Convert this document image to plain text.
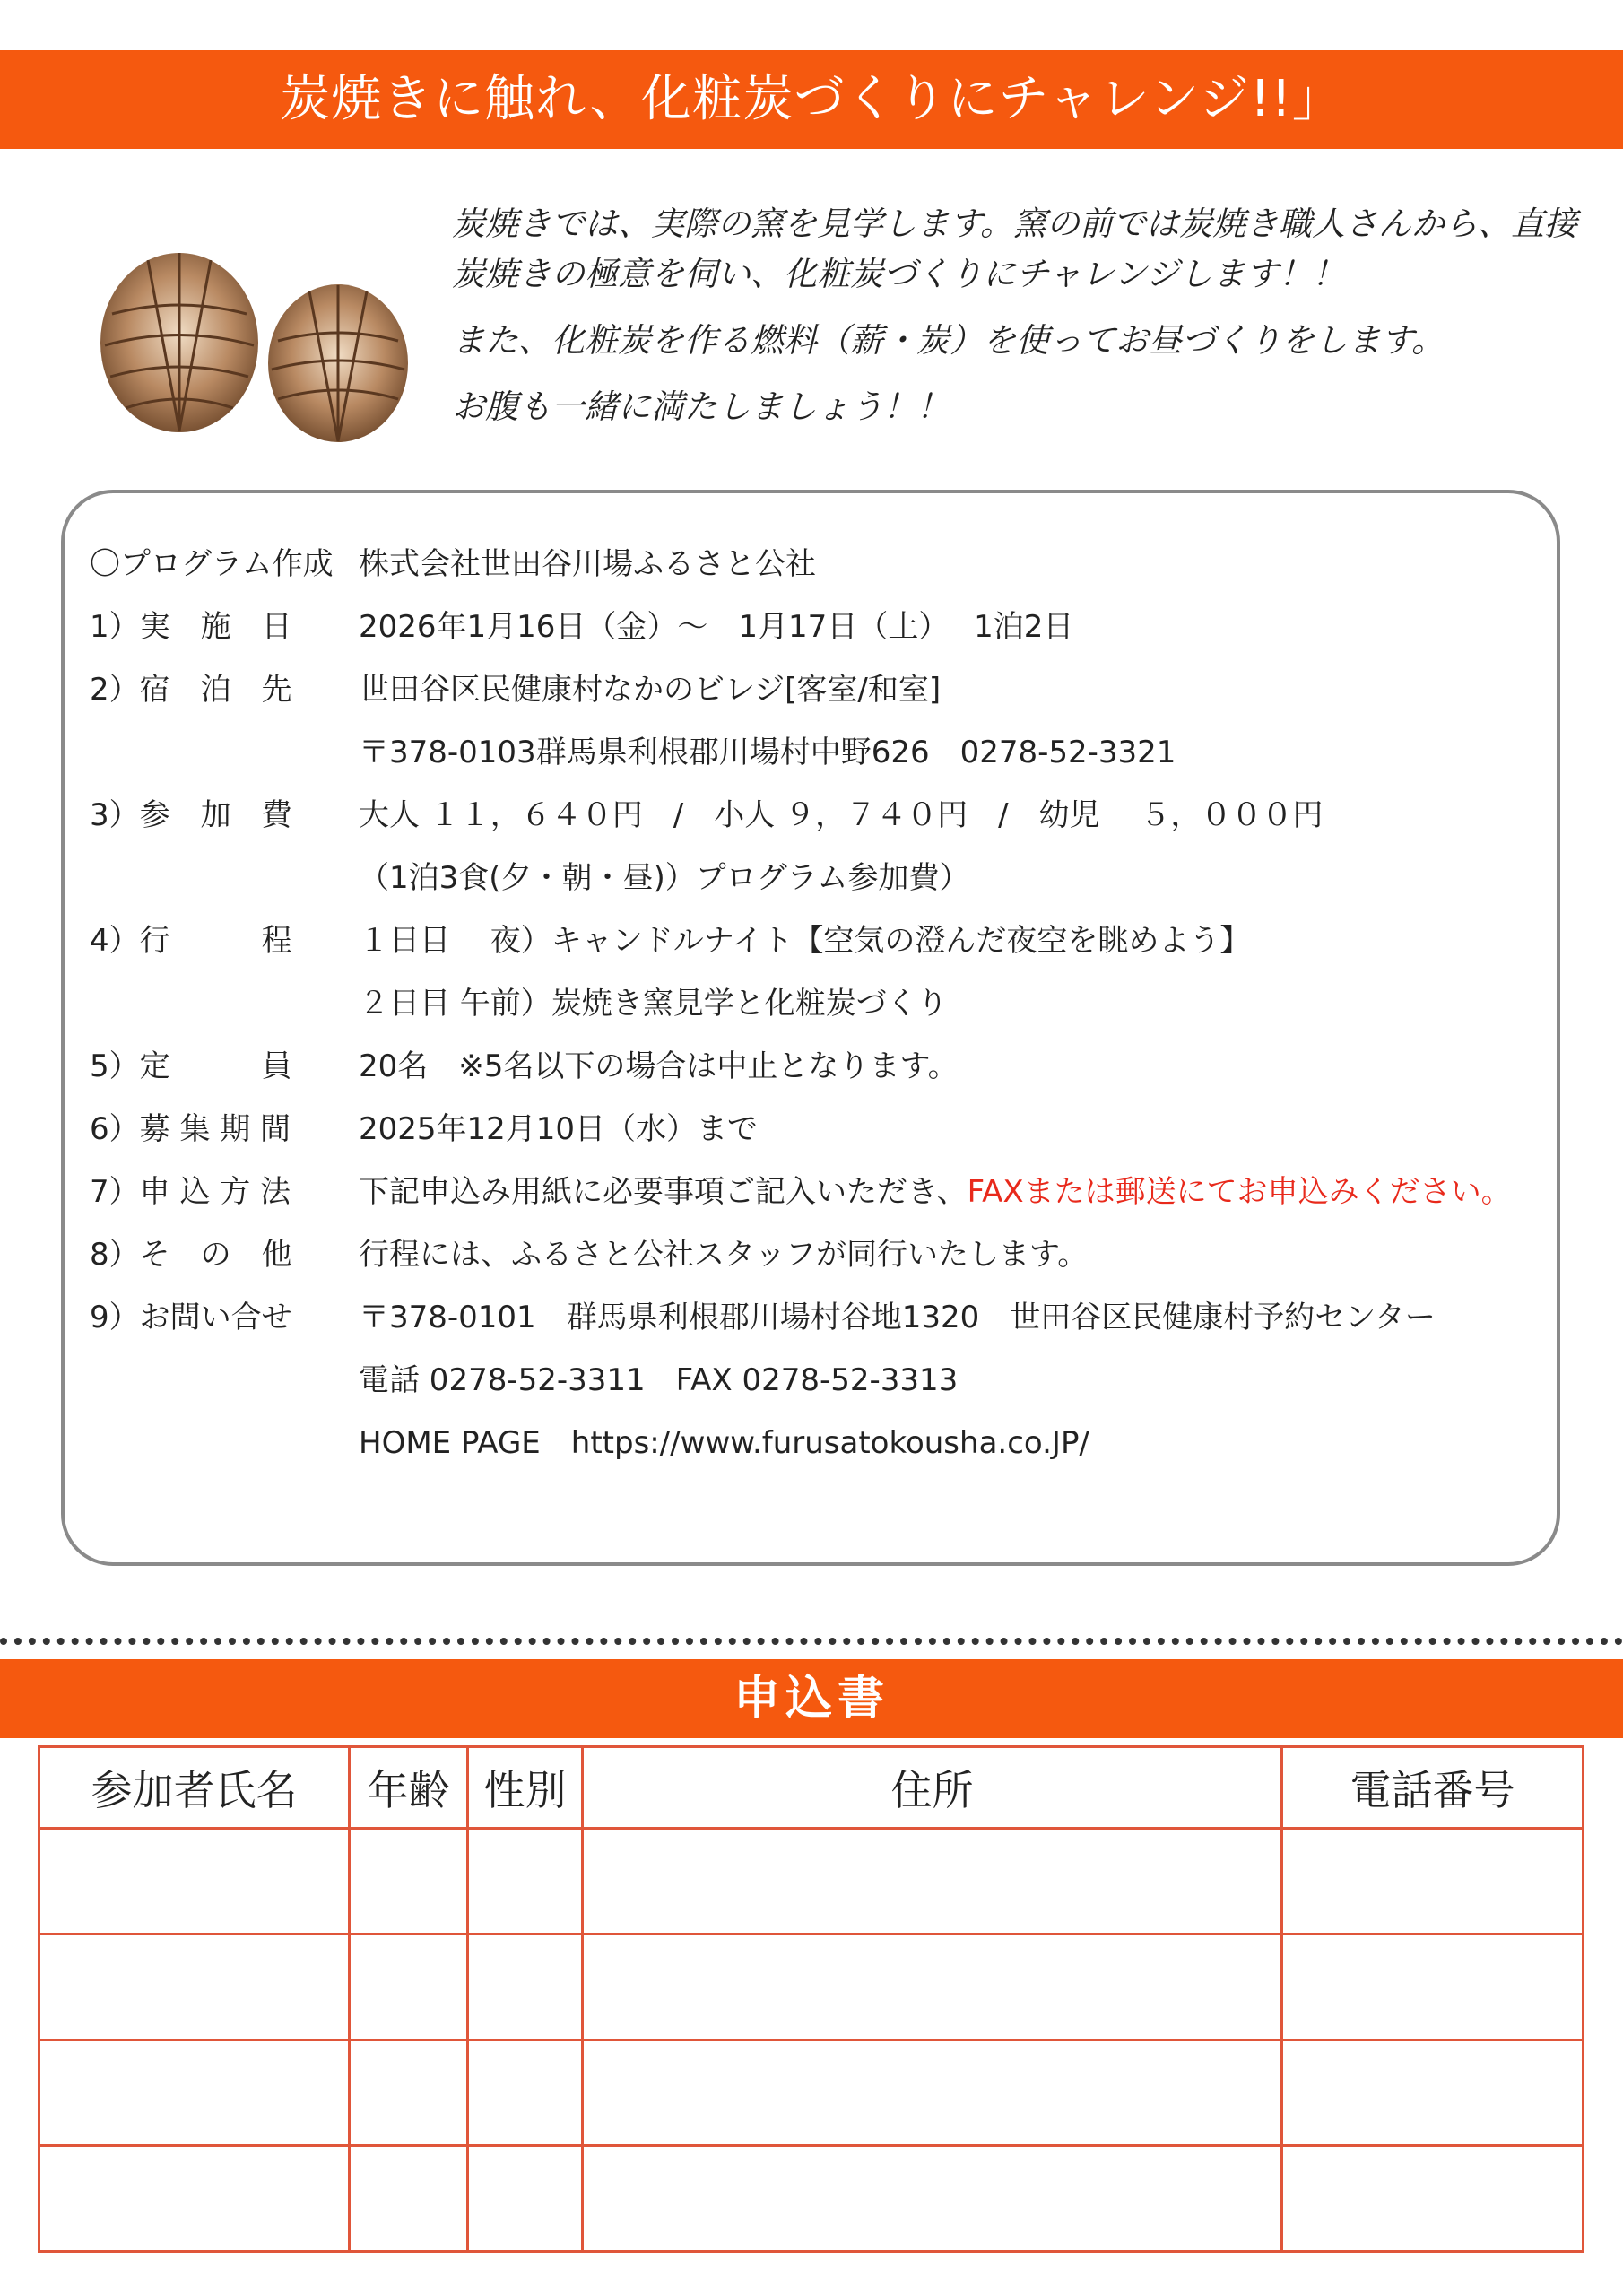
炭焼きに触れ、化粧炭づくりにチャレンジ!!」

炭焼きでは、実際の窯を見学します。窯の前では炭焼き職人さんから、直接

炭焼きの極意を伺い、化粧炭づくりにチャレンジします！！

また、化粧炭を作る燃料（薪・炭）を使ってお昼づくりをします。

お腹も一緒に満たしましょう！！

〇プログラム作成 株式会社世田谷川場ふるさと公社
1）実　施　日 2026年1月16日（金）～　1月17日（土）　 1泊2日
2）宿　泊　先 世田谷区民健康村なかのビレジ[客室/和室]
〒378-0103群馬県利根郡川場村中野626　0278-52-3321
3）参　加　費 大人 １１，６４０円　/　小人 ９，７４０円　/　幼児　 ５，０００円
（1泊3食(夕・朝・昼)）プログラム参加費）
4）行　　　程 １日目　 夜）キャンドルナイト【空気の澄んだ夜空を眺めよう】
２日目 午前）炭焼き窯見学と化粧炭づくり
5）定　　　員 20名　※5名以下の場合は中止となります。
6）募 集 期 間 2025年12月10日（水）まで
7）申 込 方 法 下記申込み用紙に必要事項ご記入いただき、FAXまたは郵送にてお申込みください。
8）そ　の　他 行程には、ふるさと公社スタッフが同行いたします。
9）お問い合せ 〒378-0101　群馬県利根郡川場村谷地1320　世田谷区民健康村予約センター
電話 0278-52-3311　FAX 0278-52-3313
HOME PAGE　https://www.furusatokousha.co.JP/
申込書
参加者氏名	年齢	性別	住所	電話番号
